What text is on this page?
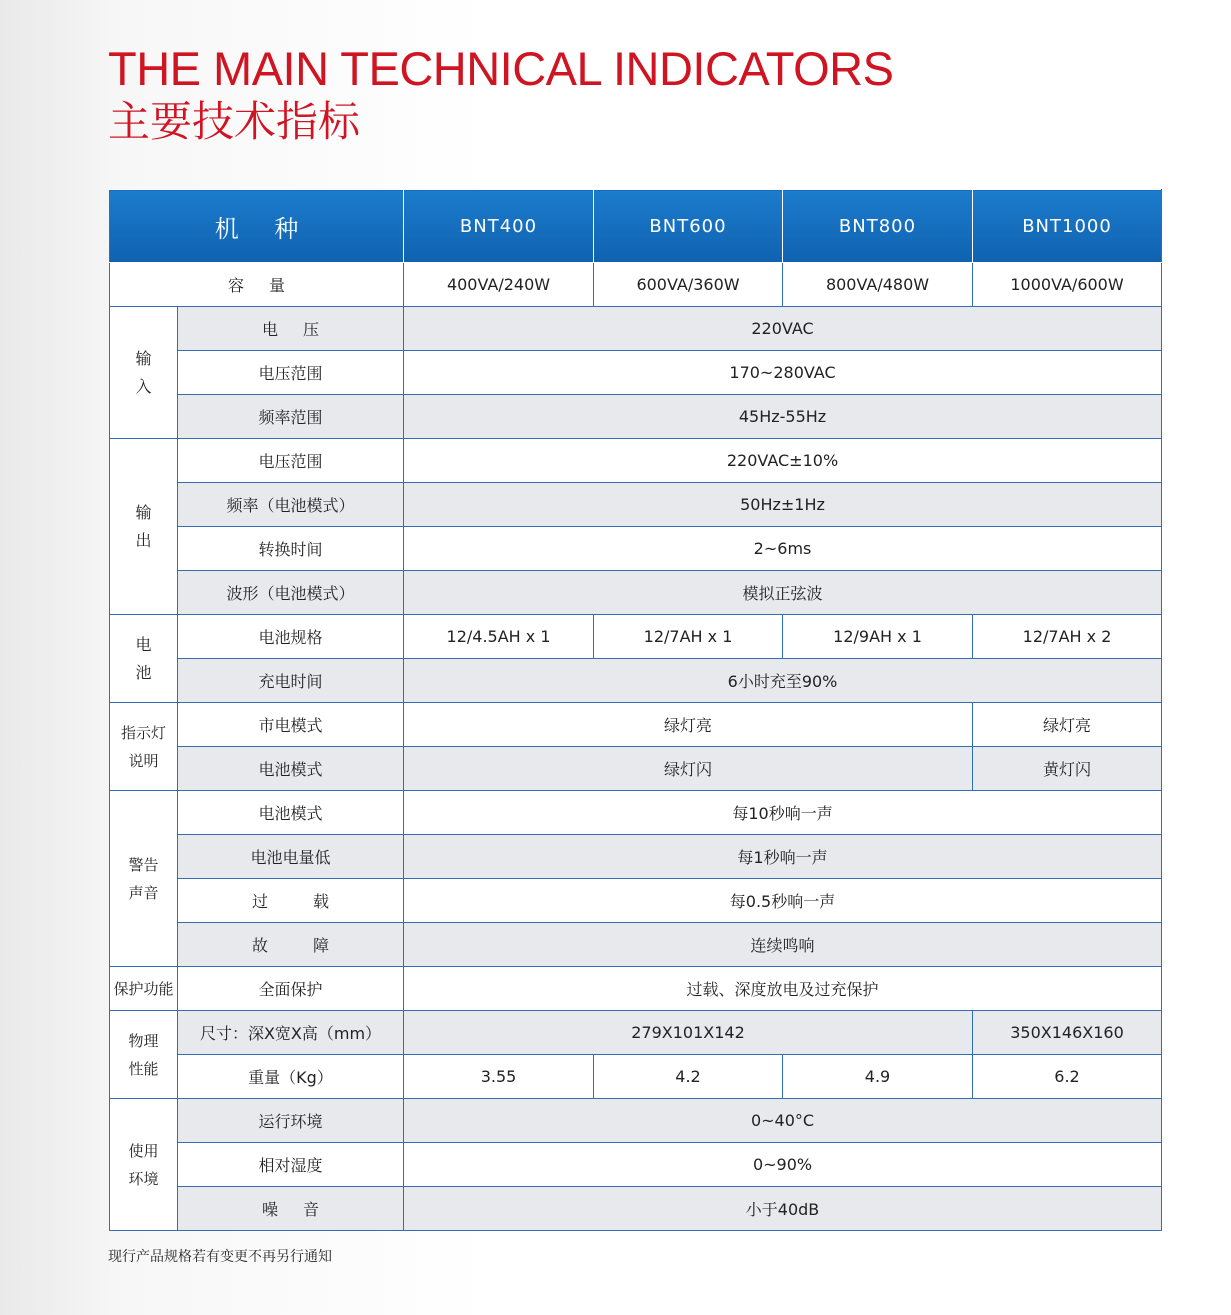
THE MAIN TECHNICAL INDICATORS
主要技术指标
机 种		BNT400	BNT600	BNT800	BNT1000
容 量		400VA/240W	600VA/360W	800VA/480W	1000VA/600W

输入	电 压	220VAC			
	电压范围	170~280VAC			
	频率范围	45Hz-55Hz			

输出	电压范围	220VAC±10%			
	频率（电池模式）	50Hz±1Hz			
	转换时间	2~6ms			
	波形（电池模式）	模拟正弦波			

电池	电池规格	12/4.5AH x 1	12/7AH x 1	12/9AH x 1	12/7AH x 2
	充电时间	6小时充至90%			

指示灯说明	市电模式	绿灯亮			绿灯亮
	电池模式	绿灯闪			黄灯闪

警告声音	电池模式	每10秒响一声			
	电池电量低	每1秒响一声			
	过 载	每0.5秒响一声			
	故 障	连续鸣响			
保护功能	全面保护	过载、深度放电及过充保护			

物理性能	尺寸：深X宽X高（mm）	279X101X142			350X146X160
	重量（Kg）	3.55	4.2	4.9	6.2

使用环境	运行环境	0~40°C			
	相对湿度	0~90%			
	噪 音	小于40dB			
现行产品规格若有变更不再另行通知
